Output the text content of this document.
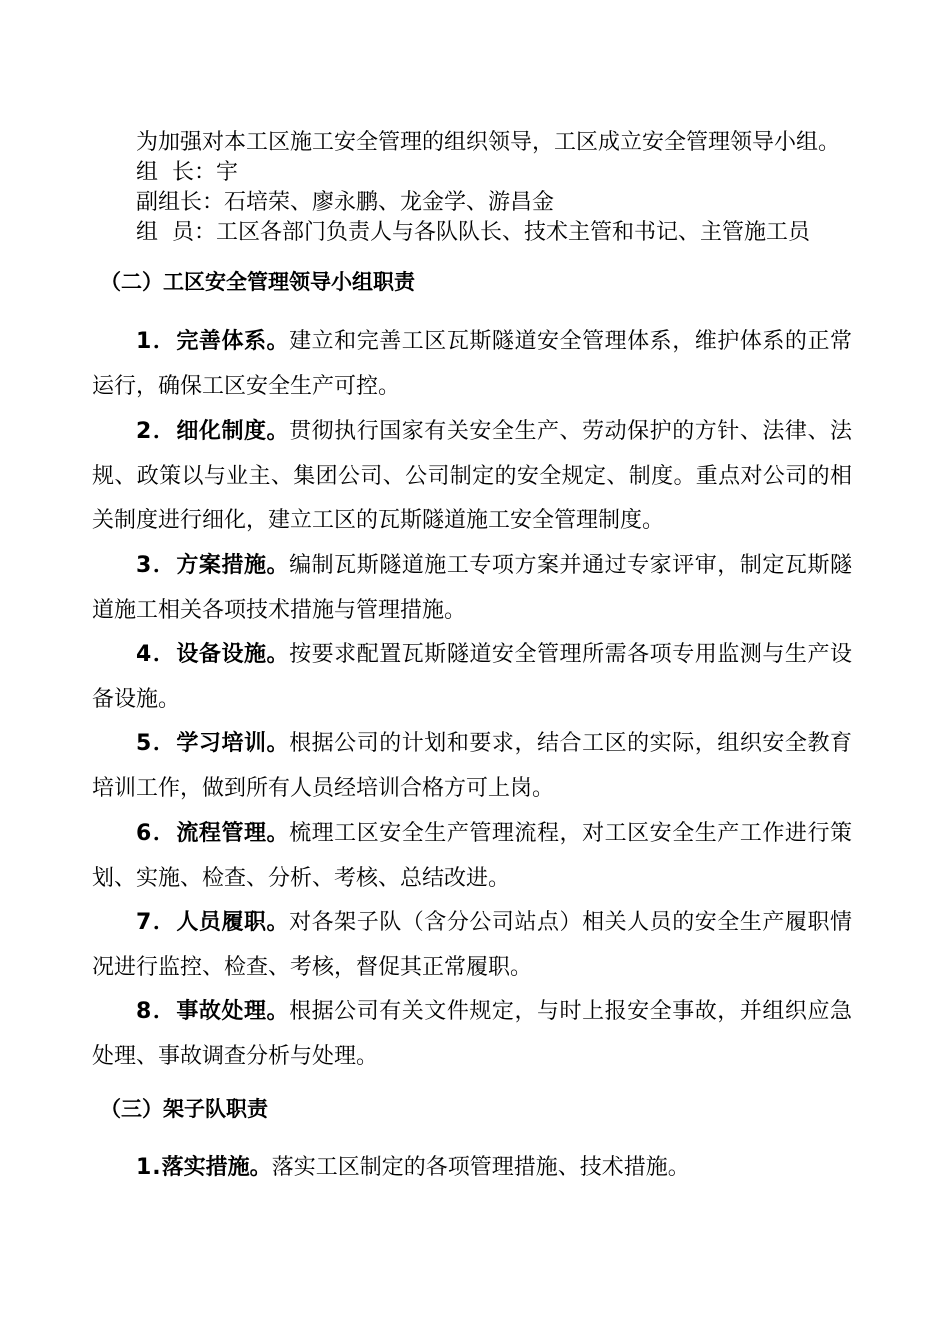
为加强对本工区施工安全管理的组织领导，工区成立安全管理领导小组。
组  长：宇
副组长：石培荣、廖永鹏、龙金学、游昌金
组  员：工区各部门负责人与各队队长、技术主管和书记、主管施工员
（二）工区安全管理领导小组职责
1．完善体系。建立和完善工区瓦斯隧道安全管理体系，维护体系的正常运行，确保工区安全生产可控。
2．细化制度。贯彻执行国家有关安全生产、劳动保护的方针、法律、法规、政策以与业主、集团公司、公司制定的安全规定、制度。重点对公司的相关制度进行细化，建立工区的瓦斯隧道施工安全管理制度。
3．方案措施。编制瓦斯隧道施工专项方案并通过专家评审，制定瓦斯隧道施工相关各项技术措施与管理措施。
4．设备设施。按要求配置瓦斯隧道安全管理所需各项专用监测与生产设备设施。
5．学习培训。根据公司的计划和要求，结合工区的实际，组织安全教育培训工作，做到所有人员经培训合格方可上岗。
6．流程管理。梳理工区安全生产管理流程，对工区安全生产工作进行策划、实施、检查、分析、考核、总结改进。
7．人员履职。对各架子队（含分公司站点）相关人员的安全生产履职情况进行监控、检查、考核，督促其正常履职。
8．事故处理。根据公司有关文件规定，与时上报安全事故，并组织应急处理、事故调查分析与处理。
（三）架子队职责
1.落实措施。落实工区制定的各项管理措施、技术措施。
